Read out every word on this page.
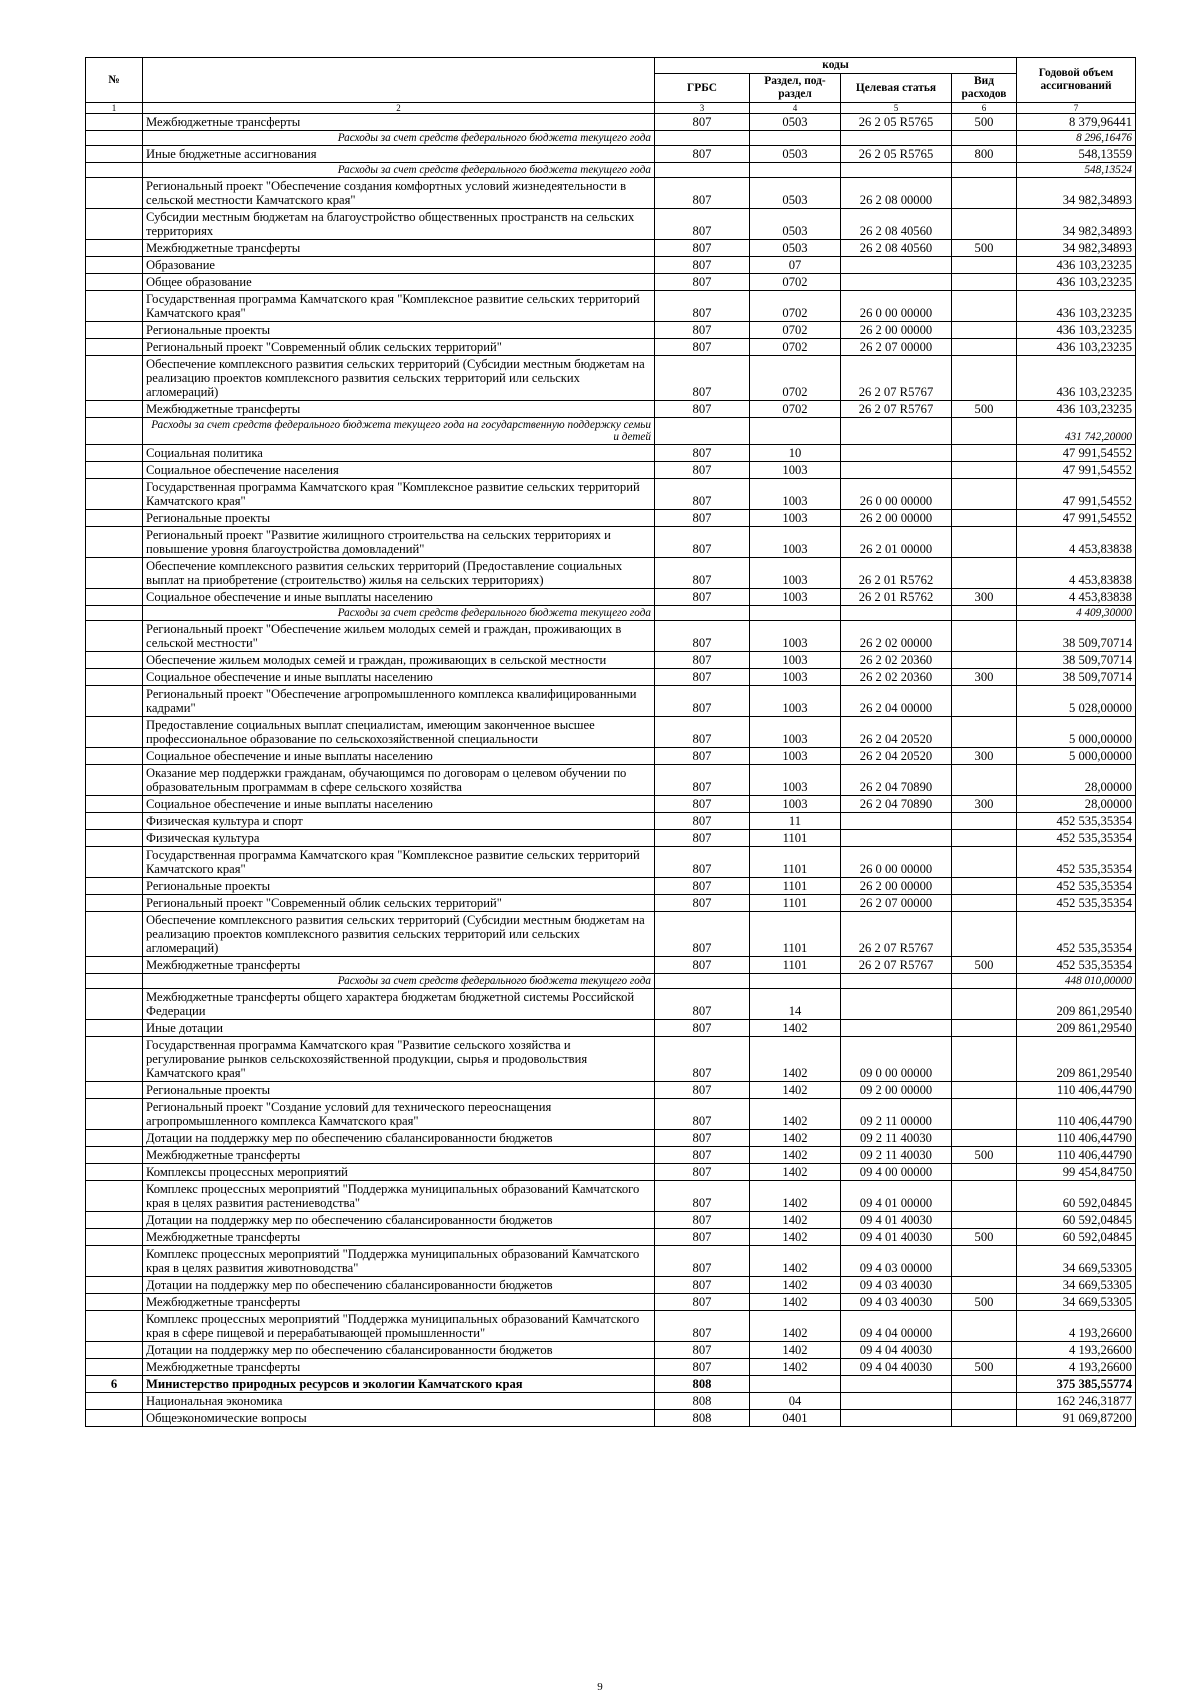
№		коды				Годовой объем ассигнований
		ГРБС	Раздел, под-раздел	Целевая статья	Вид расходов	
1	2	3	4	5	6	7
	Межбюджетные трансферты	807	0503	26 2 05 R5765	500	8 379,96441
	Расходы за счет средств федерального бюджета текущего года					8 296,16476
	Иные бюджетные ассигнования	807	0503	26 2 05 R5765	800	548,13559
	Расходы за счет средств федерального бюджета текущего года					548,13524
	Региональный проект "Обеспечение создания комфортных условий жизнедеятельности в сельской местности Камчатского края"	807	0503	26 2 08 00000		34 982,34893
	Субсидии местным бюджетам на благоустройство общественных пространств на сельских территориях	807	0503	26 2 08 40560		34 982,34893
	Межбюджетные трансферты	807	0503	26 2 08 40560	500	34 982,34893
	Образование	807	07			436 103,23235
	Общее образование	807	0702			436 103,23235
	Государственная программа Камчатского края "Комплексное развитие сельских территорий Камчатского края"	807	0702	26 0 00 00000		436 103,23235
	Региональные проекты	807	0702	26 2 00 00000		436 103,23235
	Региональный проект "Современный облик сельских территорий"	807	0702	26 2 07 00000		436 103,23235
	Обеспечение комплексного развития сельских территорий (Субсидии местным бюджетам на реализацию проектов комплексного развития сельских территорий или сельских агломераций)	807	0702	26 2 07 R5767		436 103,23235
	Межбюджетные трансферты	807	0702	26 2 07 R5767	500	436 103,23235
	Расходы за счет средств федерального бюджета текущего года на государственную поддержку семьи и детей					431 742,20000
	Социальная политика	807	10			47 991,54552
	Социальное обеспечение населения	807	1003			47 991,54552
	Государственная программа Камчатского края "Комплексное развитие сельских территорий Камчатского края"	807	1003	26 0 00 00000		47 991,54552
	Региональные проекты	807	1003	26 2 00 00000		47 991,54552
	Региональный проект "Развитие жилищного строительства на сельских территориях и повышение уровня благоустройства домовладений"	807	1003	26 2 01 00000		4 453,83838
	Обеспечение комплексного развития сельских территорий (Предоставление социальных выплат на приобретение (строительство) жилья на сельских территориях)	807	1003	26 2 01 R5762		4 453,83838
	Социальное обеспечение и иные выплаты населению	807	1003	26 2 01 R5762	300	4 453,83838
	Расходы за счет средств федерального бюджета текущего года					4 409,30000
	Региональный проект "Обеспечение жильем молодых семей и граждан, проживающих в сельской местности"	807	1003	26 2 02 00000		38 509,70714
	Обеспечение жильем молодых семей и граждан, проживающих в сельской местности	807	1003	26 2 02 20360		38 509,70714
	Социальное обеспечение и иные выплаты населению	807	1003	26 2 02 20360	300	38 509,70714
	Региональный проект "Обеспечение агропромышленного комплекса квалифицированными кадрами"	807	1003	26 2 04 00000		5 028,00000
	Предоставление социальных выплат специалистам, имеющим законченное высшее профессиональное образование по сельскохозяйственной специальности	807	1003	26 2 04 20520		5 000,00000
	Социальное обеспечение и иные выплаты населению	807	1003	26 2 04 20520	300	5 000,00000
	Оказание мер поддержки гражданам, обучающимся по договорам о целевом обучении по образовательным программам в сфере сельского хозяйства	807	1003	26 2 04 70890		28,00000
	Социальное обеспечение и иные выплаты населению	807	1003	26 2 04 70890	300	28,00000
	Физическая культура и спорт	807	11			452 535,35354
	Физическая культура	807	1101			452 535,35354
	Государственная программа Камчатского края "Комплексное развитие сельских территорий Камчатского края"	807	1101	26 0 00 00000		452 535,35354
	Региональные проекты	807	1101	26 2 00 00000		452 535,35354
	Региональный проект "Современный облик сельских территорий"	807	1101	26 2 07 00000		452 535,35354
	Обеспечение комплексного развития сельских территорий (Субсидии местным бюджетам на реализацию проектов комплексного развития сельских территорий или сельских агломераций)	807	1101	26 2 07 R5767		452 535,35354
	Межбюджетные трансферты	807	1101	26 2 07 R5767	500	452 535,35354
	Расходы за счет средств федерального бюджета текущего года					448 010,00000
	Межбюджетные трансферты общего характера бюджетам бюджетной системы Российской Федерации	807	14			209 861,29540
	Иные дотации	807	1402			209 861,29540
	Государственная программа Камчатского края "Развитие сельского хозяйства и регулирование рынков сельскохозяйственной продукции, сырья и продовольствия Камчатского края"	807	1402	09 0 00 00000		209 861,29540
	Региональные проекты	807	1402	09 2 00 00000		110 406,44790
	Региональный проект "Создание условий для технического переоснащения агропромышленного комплекса Камчатского края"	807	1402	09 2 11 00000		110 406,44790
	Дотации на поддержку мер по обеспечению сбалансированности бюджетов	807	1402	09 2 11 40030		110 406,44790
	Межбюджетные трансферты	807	1402	09 2 11 40030	500	110 406,44790
	Комплексы процессных мероприятий	807	1402	09 4 00 00000		99 454,84750
	Комплекс процессных мероприятий "Поддержка муниципальных образований Камчатского края в целях развития растениеводства"	807	1402	09 4 01 00000		60 592,04845
	Дотации на поддержку мер по обеспечению сбалансированности бюджетов	807	1402	09 4 01 40030		60 592,04845
	Межбюджетные трансферты	807	1402	09 4 01 40030	500	60 592,04845
	Комплекс процессных мероприятий "Поддержка муниципальных образований Камчатского края в целях развития животноводства"	807	1402	09 4 03 00000		34 669,53305
	Дотации на поддержку мер по обеспечению сбалансированности бюджетов	807	1402	09 4 03 40030		34 669,53305
	Межбюджетные трансферты	807	1402	09 4 03 40030	500	34 669,53305
	Комплекс процессных мероприятий "Поддержка муниципальных образований Камчатского края в сфере пищевой и перерабатывающей промышленности"	807	1402	09 4 04 00000		4 193,26600
	Дотации на поддержку мер по обеспечению сбалансированности бюджетов	807	1402	09 4 04 40030		4 193,26600
	Межбюджетные трансферты	807	1402	09 4 04 40030	500	4 193,26600
6	Министерство природных ресурсов и экологии Камчатского края	808				375 385,55774
	Национальная экономика	808	04			162 246,31877
	Общеэкономические вопросы	808	0401			91 069,87200
9
